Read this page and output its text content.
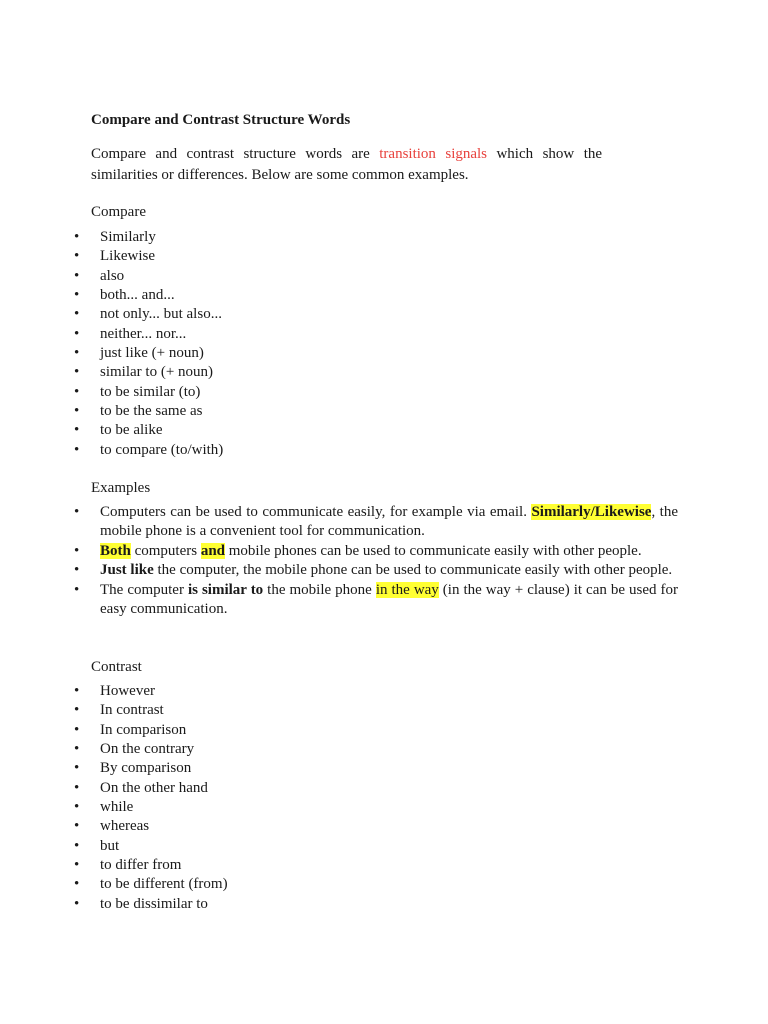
Compare and Contrast Structure Words
Compare and contrast structure words are transition signals which show the similarities or differences. Below are some common examples.
Compare
• Similarly
• Likewise
• also
• both... and...
• not only... but also...
• neither... nor...
• just like (+ noun)
• similar to (+ noun)
• to be similar (to)
• to be the same as
• to be alike
• to compare (to/with)
Examples
• Computers can be used to communicate easily, for example via email. Similarly/Likewise, the mobile phone is a convenient tool for communication.
• Both computers and mobile phones can be used to communicate easily with other people.
• Just like the computer, the mobile phone can be used to communicate easily with other people.
• The computer is similar to the mobile phone in the way (in the way + clause) it can be used for easy communication.
Contrast
• However
• In contrast
• In comparison
• On the contrary
• By comparison
• On the other hand
• while
• whereas
• but
• to differ from
• to be different (from)
• to be dissimilar to
